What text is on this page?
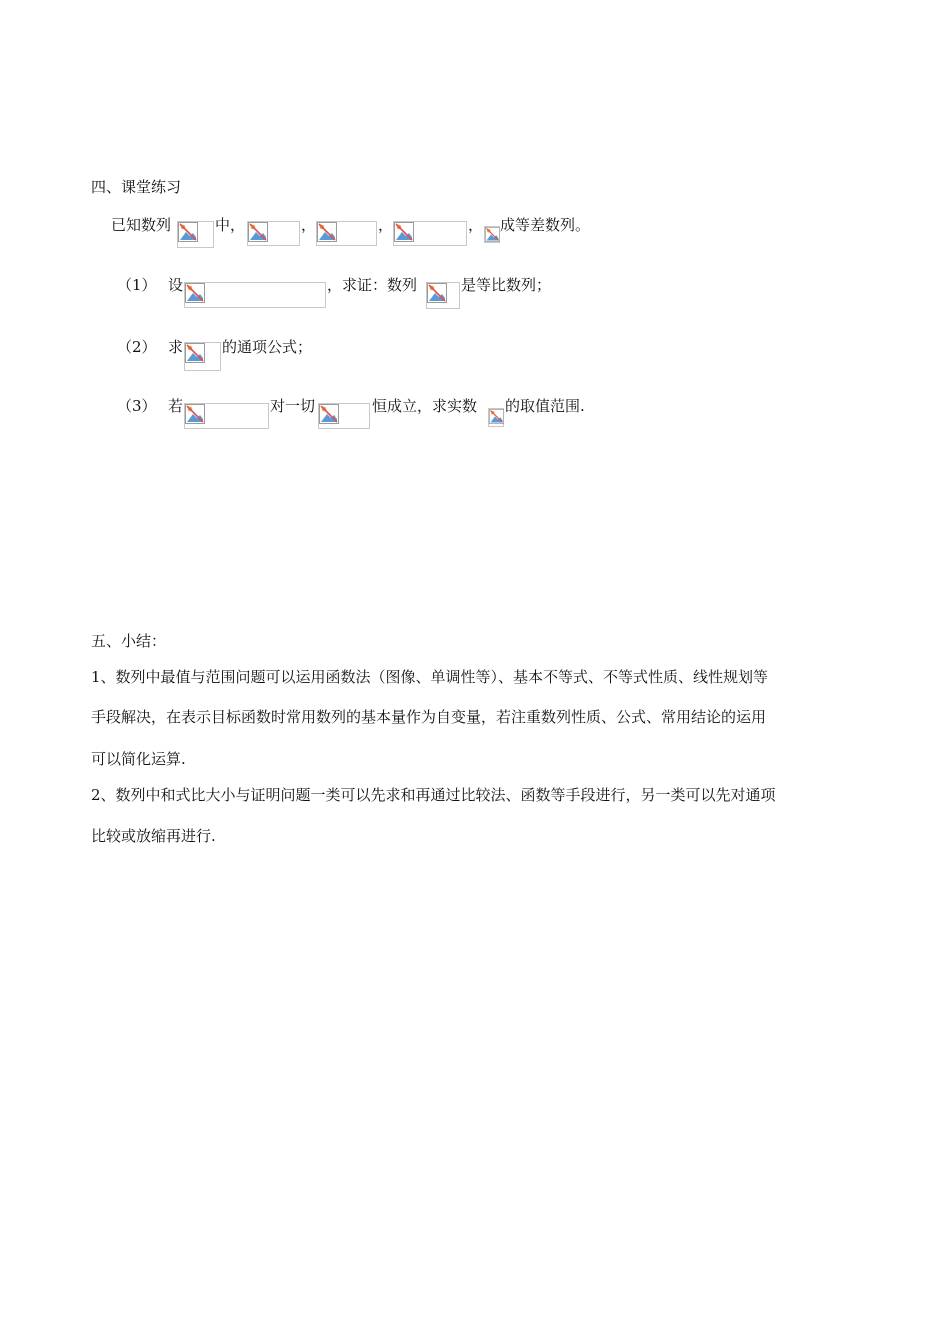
四、课堂练习
已知数列	中，	，	，	， 成等差数列。
（1） 设	，求证：数列	是等比数列；
（2） 求	的通项公式；
（3） 若	对一切	恒成立，求实数 的取值范围.
五、小结：
1、数列中最值与范围问题可以运用函数法（图像、单调性等）、基本不等式、不等式性质、线性规划等
手段解决，在表示目标函数时常用数列的基本量作为自变量，若注重数列性质、公式、常用结论的运用
可以简化运算.
2、数列中和式比大小与证明问题一类可以先求和再通过比较法、函数等手段进行，另一类可以先对通项
比较或放缩再进行.
